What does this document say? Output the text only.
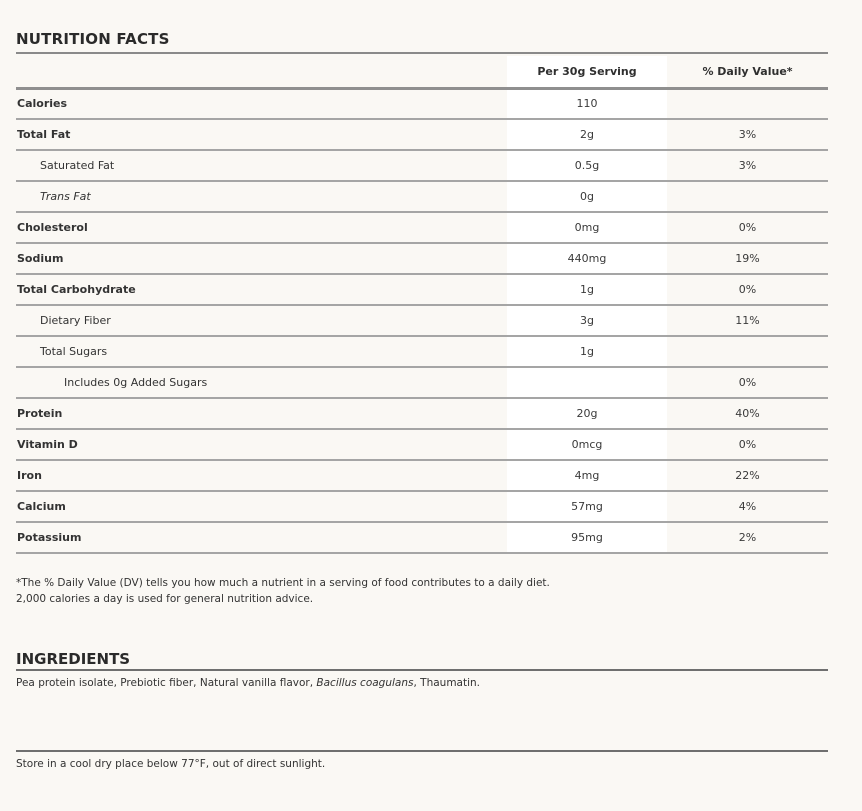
NUTRITION FACTS
	Per 30g Serving	% Daily Value*
Calories	110	
Total Fat	2g	3%
Saturated Fat	0.5g	3%
Trans Fat	0g	
Cholesterol	0mg	0%
Sodium	440mg	19%
Total Carbohydrate	1g	0%
Dietary Fiber	3g	11%
Total Sugars	1g	
Includes 0g Added Sugars		0%
Protein	20g	40%
Vitamin D	0mcg	0%
Iron	4mg	22%
Calcium	57mg	4%
Potassium	95mg	2%

*The % Daily Value (DV) tells you how much a nutrient in a serving of food contributes to a daily diet.
2,000 calories a day is used for general nutrition advice.

INGREDIENTS

Pea protein isolate, Prebiotic fiber, Natural vanilla flavor, Bacillus coagulans, Thaumatin.

Store in a cool dry place below 77°F, out of direct sunlight.
